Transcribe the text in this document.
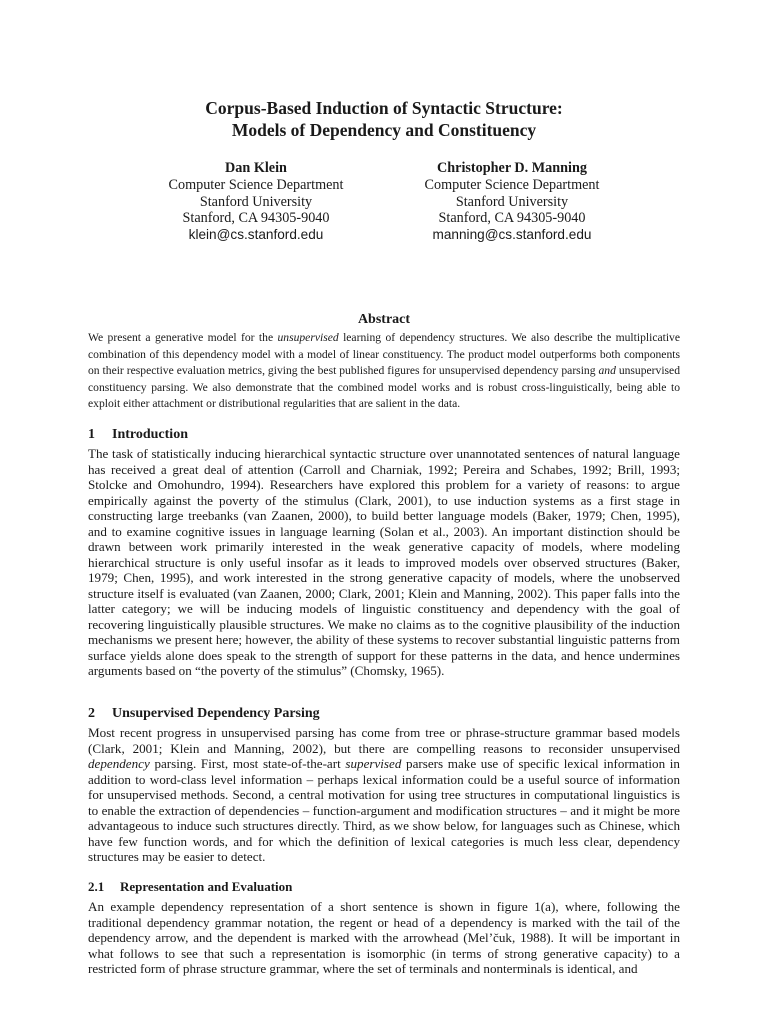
Corpus-Based Induction of Syntactic Structure:
Models of Dependency and Constituency
Dan Klein
Computer Science Department
Stanford University
Stanford, CA 94305-9040
klein@cs.stanford.edu
Christopher D. Manning
Computer Science Department
Stanford University
Stanford, CA 94305-9040
manning@cs.stanford.edu
Abstract
We present a generative model for the unsupervised learning of dependency structures. We also describe the multiplicative combination of this dependency model with a model of linear constituency. The product model outperforms both components on their respective evaluation metrics, giving the best published figures for unsupervised dependency parsing and unsupervised constituency parsing. We also demonstrate that the combined model works and is robust cross-linguistically, being able to exploit either attachment or distributional regularities that are salient in the data.
1 Introduction
The task of statistically inducing hierarchical syntactic structure over unannotated sentences of natural language has received a great deal of attention (Carroll and Charniak, 1992; Pereira and Schabes, 1992; Brill, 1993; Stolcke and Omohundro, 1994). Researchers have explored this problem for a variety of reasons: to argue empirically against the poverty of the stimulus (Clark, 2001), to use induction systems as a first stage in constructing large treebanks (van Zaanen, 2000), to build better language models (Baker, 1979; Chen, 1995), and to examine cognitive issues in language learning (Solan et al., 2003). An important distinction should be drawn between work primarily interested in the weak generative capacity of models, where modeling hierarchical structure is only useful insofar as it leads to improved models over observed structures (Baker, 1979; Chen, 1995), and work interested in the strong generative capacity of models, where the unobserved structure itself is evaluated (van Zaanen, 2000; Clark, 2001; Klein and Manning, 2002). This paper falls into the latter category; we will be inducing models of linguistic constituency and dependency with the goal of recovering linguistically plausible structures. We make no claims as to the cognitive plausibility of the induction mechanisms we present here; however, the ability of these systems to recover substantial linguistic patterns from surface yields alone does speak to the strength of support for these patterns in the data, and hence undermines arguments based on “the poverty of the stimulus” (Chomsky, 1965).
2 Unsupervised Dependency Parsing
Most recent progress in unsupervised parsing has come from tree or phrase-structure grammar based models (Clark, 2001; Klein and Manning, 2002), but there are compelling reasons to reconsider unsupervised dependency parsing. First, most state-of-the-art supervised parsers make use of specific lexical information in addition to word-class level information – perhaps lexical information could be a useful source of information for unsupervised methods. Second, a central motivation for using tree structures in computational linguistics is to enable the extraction of dependencies – function-argument and modification structures – and it might be more advantageous to induce such structures directly. Third, as we show below, for languages such as Chinese, which have few function words, and for which the definition of lexical categories is much less clear, dependency structures may be easier to detect.
2.1 Representation and Evaluation
An example dependency representation of a short sentence is shown in figure 1(a), where, following the traditional dependency grammar notation, the regent or head of a dependency is marked with the tail of the dependency arrow, and the dependent is marked with the arrowhead (Mel’čuk, 1988). It will be important in what follows to see that such a representation is isomorphic (in terms of strong generative capacity) to a restricted form of phrase structure grammar, where the set of terminals and nonterminals is identical, and
